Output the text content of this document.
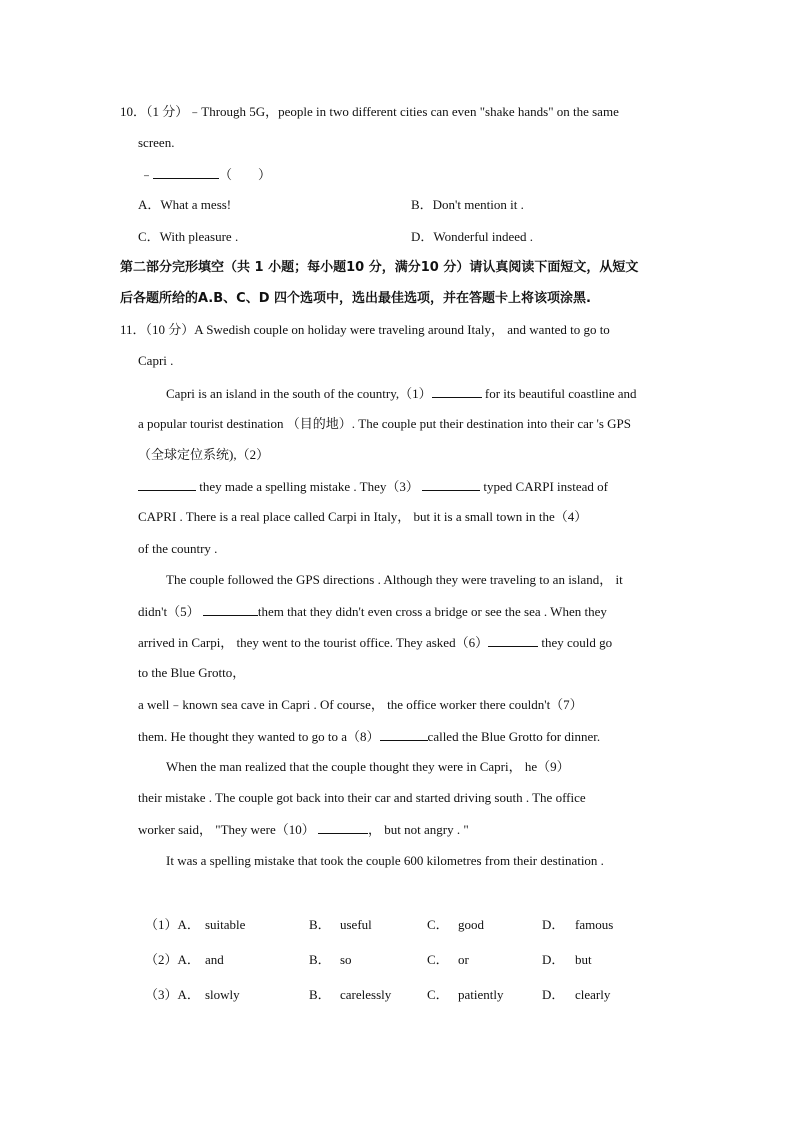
10．（1 分）﹣Through 5G，people in two different cities can even "shake hands" on the same
screen.
﹣	（　　）
A．What a mess!	B．Don't mention it .
C．With pleasure .	D．Wonderful indeed .
第二部分完形填空（共 1 小题；每小题10 分，满分10 分）请认真阅读下面短文，从短文
后各题所给的A.B、C、D 四个选项中，选出最佳选项，并在答题卡上将该项涂黑.
11．（10 分）A Swedish couple on holiday were traveling around Italy， and wanted to go to
Capri .
Capri is an island in the south of the country,（1）	for its beautiful coastline and
a popular tourist destination （目的地）. The couple put their destination into their car 's GPS
（全球定位系统),（2）
they made a spelling mistake . They（3）	typed CARPI instead of
CAPRI . There is a real place called Carpi in Italy， but it is a small town in the（4）
of the country .
The couple followed the GPS directions . Although they were traveling to an island， it
didn't（5）	them that they didn't even cross a bridge or see the sea . When they
arrived in Carpi， they went to the tourist office. They asked（6）	they could go
to the Blue Grotto，
a well﹣known sea cave in Capri . Of course， the office worker there couldn't（7）
them. He thought they wanted to go to a（8）	called the Blue Grotto for dinner.
When the man realized that the couple thought they were in Capri， he（9）
their mistake . The couple got back into their car and started driving south . The office
worker said， "They were（10）	， but not angry . "
It was a spelling mistake that took the couple 600 kilometres from their destination .
（1）A． suitable	B． useful	C． good	D． famous
（2）A． and	B． so	C． or	D． but
（3）A． slowly	B． carelessly	C． patiently	D． clearly
